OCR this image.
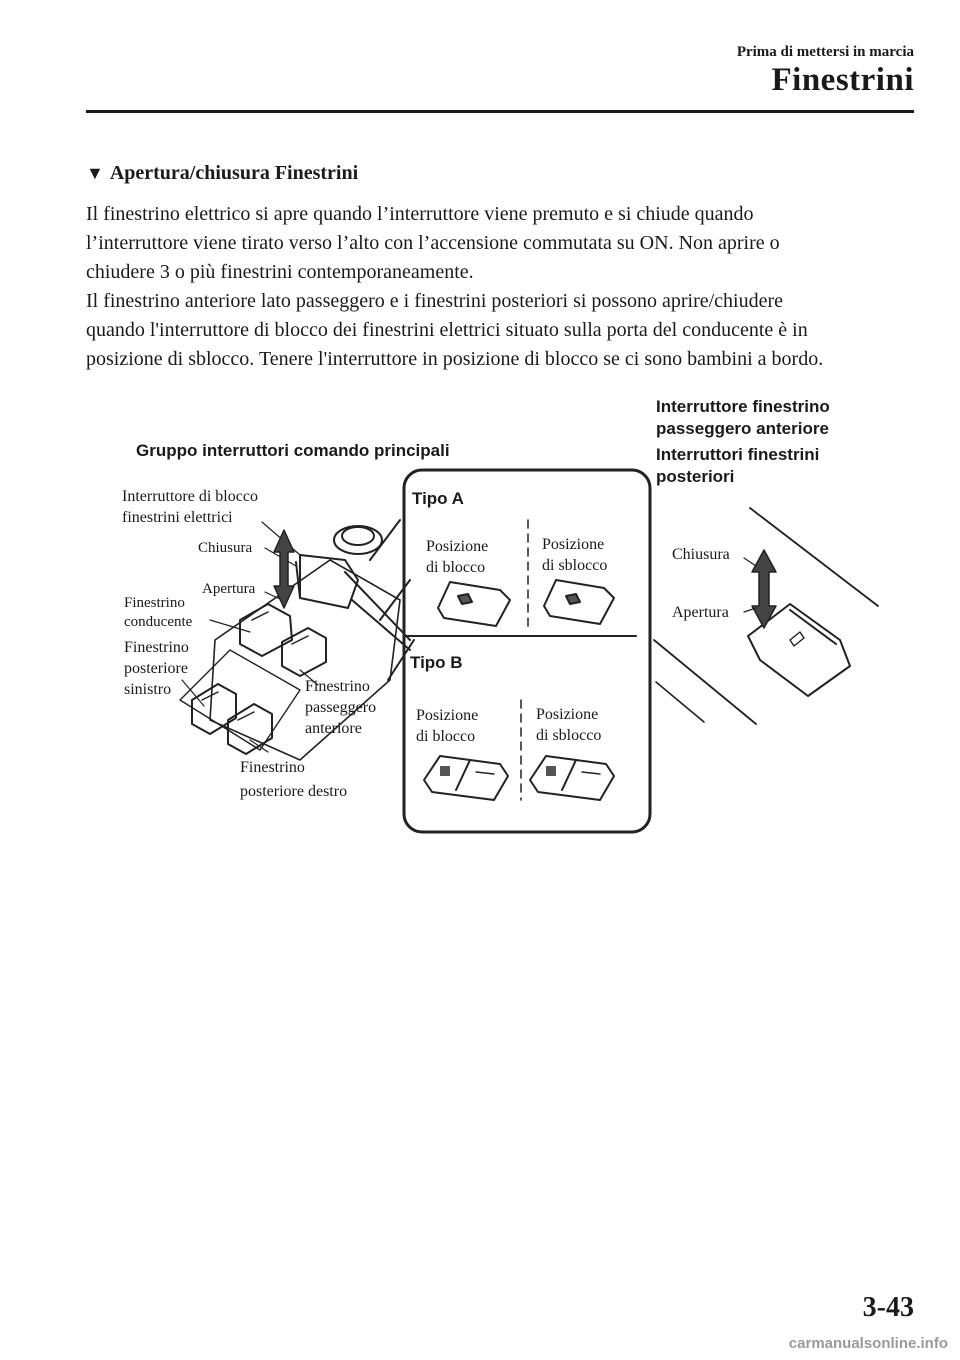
Prima di mettersi in marcia
Finestrini
▼ Apertura/chiusura Finestrini
Il finestrino elettrico si apre quando l’interruttore viene premuto e si chiude quando
l’interruttore viene tirato verso l’alto con l’accensione commutata su ON. Non aprire o
chiudere 3 o più finestrini contemporaneamente.
Il finestrino anteriore lato passeggero e i finestrini posteriori si possono aprire/chiudere
quando l'interruttore di blocco dei finestrini elettrici situato sulla porta del conducente è in
posizione di sblocco. Tenere l'interruttore in posizione di blocco se ci sono bambini a bordo.
Gruppo interruttori comando principali
Interruttore di blocco
finestrini elettrici
Chiusura
Apertura
Finestrino
conducente
Finestrino
posteriore
sinistro	Finestrino
passeggero
anteriore
Finestrino
posteriore destro
Tipo A
Posizione
di blocco
Posizione
di sblocco
Tipo B
Posizione
di blocco
Posizione
di sblocco
Interruttore finestrino
passeggero anteriore
Interruttori finestrini
posteriori
Chiusura
Apertura
3-43
carmanualsonline.info
